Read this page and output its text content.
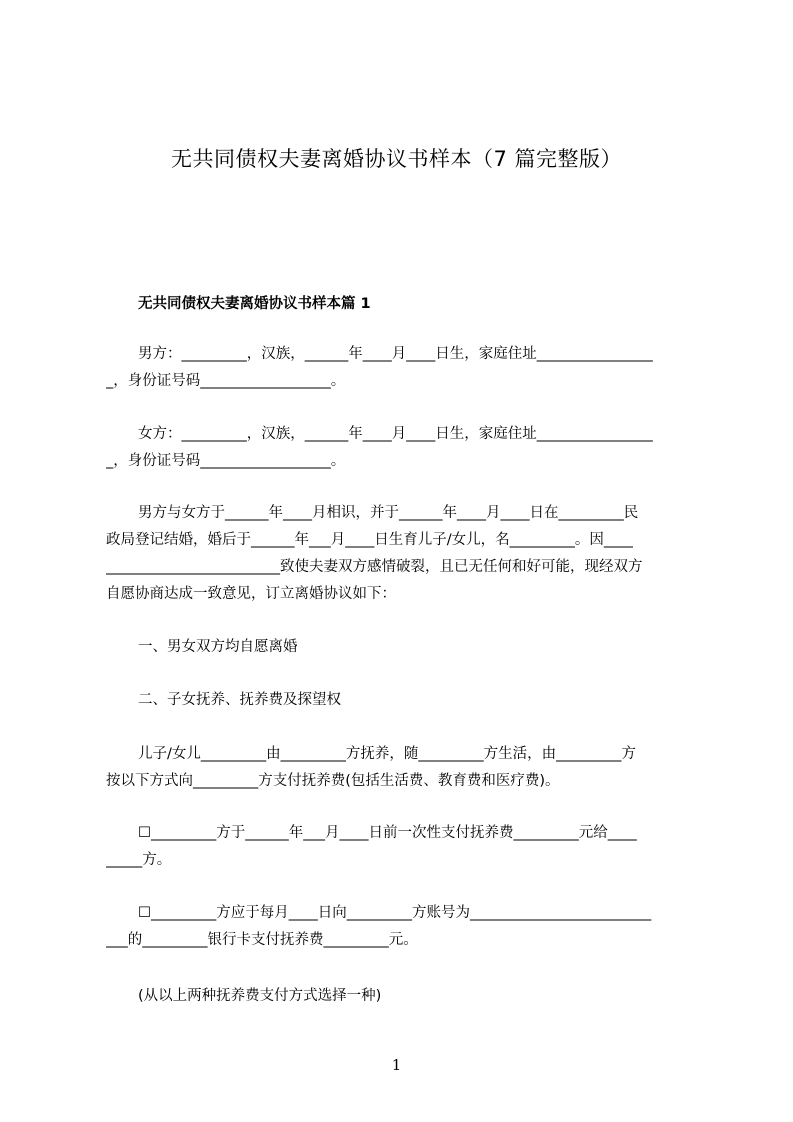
无共同债权夫妻离婚协议书样本（7 篇完整版）
无共同债权夫妻离婚协议书样本篇 1
男方：_________，汉族，______年____月____日生，家庭住址________________
_，身份证号码__________________。
女方：_________，汉族，______年____月____日生，家庭住址________________
_，身份证号码__________________。
男方与女方于______年____月相识，并于______年____月____日在_________民
政局登记结婚，婚后于______年___月____日生育儿子/女儿，名_________。因____
________________________致使夫妻双方感情破裂，且已无任何和好可能，现经双方
自愿协商达成一致意见，订立离婚协议如下：
一、男女双方均自愿离婚
二、子女抚养、抚养费及探望权
儿子/女儿_________由_________方抚养，随_________方生活，由_________方
按以下方式向_________方支付抚养费(包括生活费、教育费和医疗费)。
☐_________方于______年___月____日前一次性支付抚养费_________元给____
_____方。
☐_________方应于每月____日向_________方账号为_________________________
___的_________银行卡支付抚养费_________元。
(从以上两种抚养费支付方式选择一种)
1
